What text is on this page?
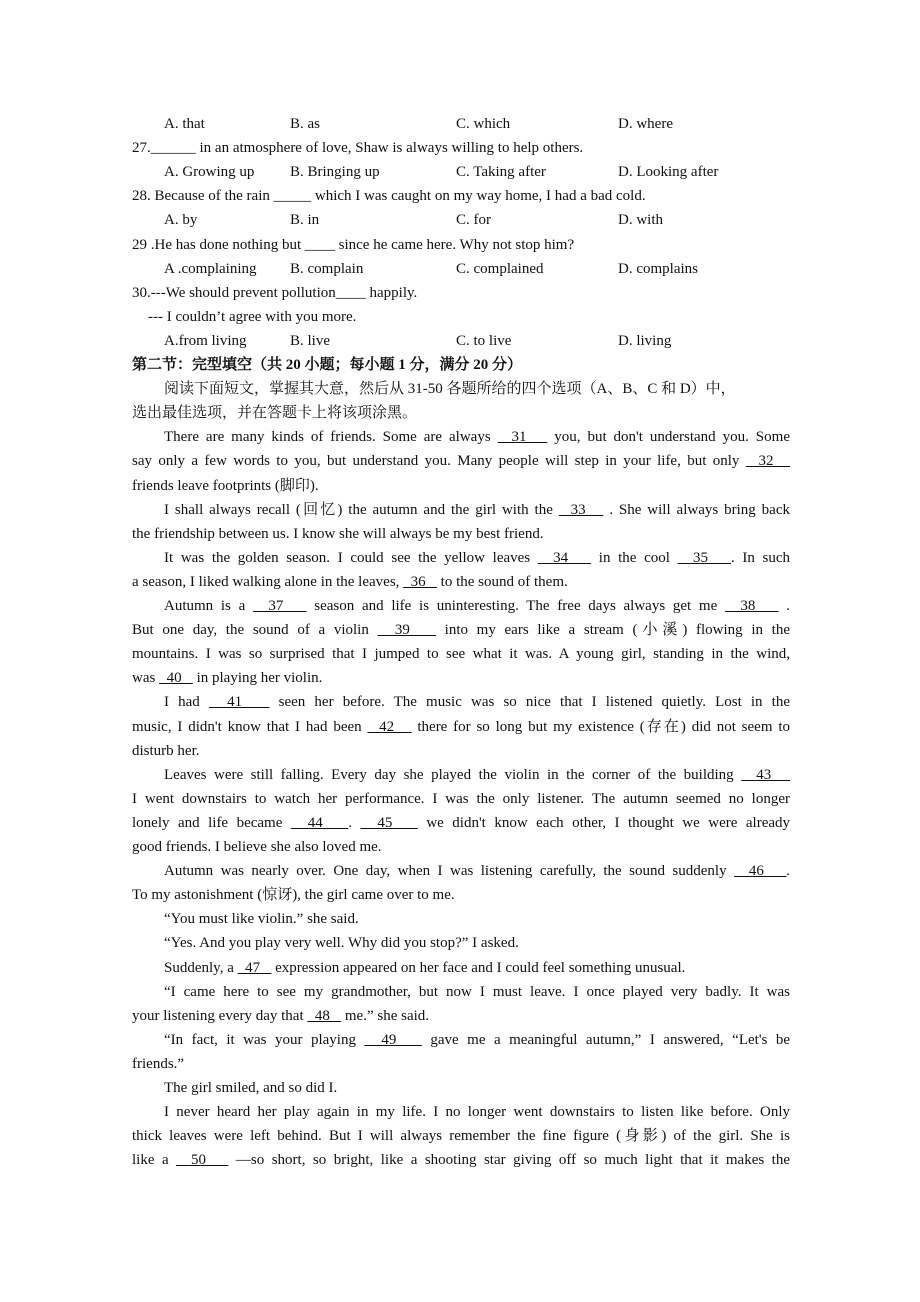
A. that	B. as	C. which	D. where
27.______ in an atmosphere of love, Shaw is always willing to help others.
A. Growing up B. Bringing up	C. Taking after	D. Looking after
28. Because of the rain _____ which I was caught on my way home, I had a bad cold.
A. by	B. in	C. for	D. with
29 .He has done nothing but ____ since he came here. Why not stop him?
A .complaining B. complain	C. complained	D. complains
30.---We should prevent pollution____ happily.
--- I couldn’t agree with you more.
A.from living	B. live	C. to live	D. living
第二节：完型填空（共 20 小题；每小题 1 分，满分 20 分）
阅读下面短文，掌握其大意，然后从 31-50 各题所给的四个选项（A、B、C 和 D）中，
选出最佳选项，并在答题卡上将该项涂黑。
There are many kinds of friends. Some are always   31    you, but don't understand you. Some
say only a few words to you, but understand you. Many people will step in your life, but only   32
friends leave footprints (脚印).
I shall always recall (回忆) the autumn and the girl with the   33    . She will always bring back
the friendship between us. I know she will always be my best friend.
It was the golden season. I could see the yellow leaves   34    in the cool   35   . In such
a season, I liked walking alone in the leaves,   36    to the sound of them.
Autumn is a   37    season and life is uninteresting. The free days always get me   38    .
But one day, the sound of a violin   39    into my ears like a stream (小溪) flowing in the
mountains. I was so surprised that I jumped to see what it was. A young girl, standing in the wind,
was   40    in playing her violin.
I had   41    seen her before. The music was so nice that I listened quietly. Lost in the
music, I didn't know that I had been   42    there for so long but my existence (存在) did not seem to
disturb her.
Leaves were still falling. Every day she played the violin in the corner of the building   43
I went downstairs to watch her performance. I was the only listener. The autumn seemed no longer
lonely and life became   44   .   45    we didn't know each other, I thought we were already
good friends. I believe she also loved me.
Autumn was nearly over. One day, when I was listening carefully, the sound suddenly   46   .
To my astonishment (惊讶), the girl came over to me.
“You must like violin.” she said.
“Yes. And you play very well. Why did you stop?” I asked.
Suddenly, a   47    expression appeared on her face and I could feel something unusual.
“I came here to see my grandmother, but now I must leave. I once played very badly. It was
your listening every day that   48    me.” she said.
“In fact, it was your playing   49    gave me a meaningful autumn,” I answered, “Let's be
friends.”
The girl smiled, and so did I.
I never heard her play again in my life. I no longer went downstairs to listen like before. Only
thick leaves were left behind. But I will always remember the fine figure (身影) of the girl. She is
like a   50    —so short, so bright, like a shooting star giving off so much light that it makes the
